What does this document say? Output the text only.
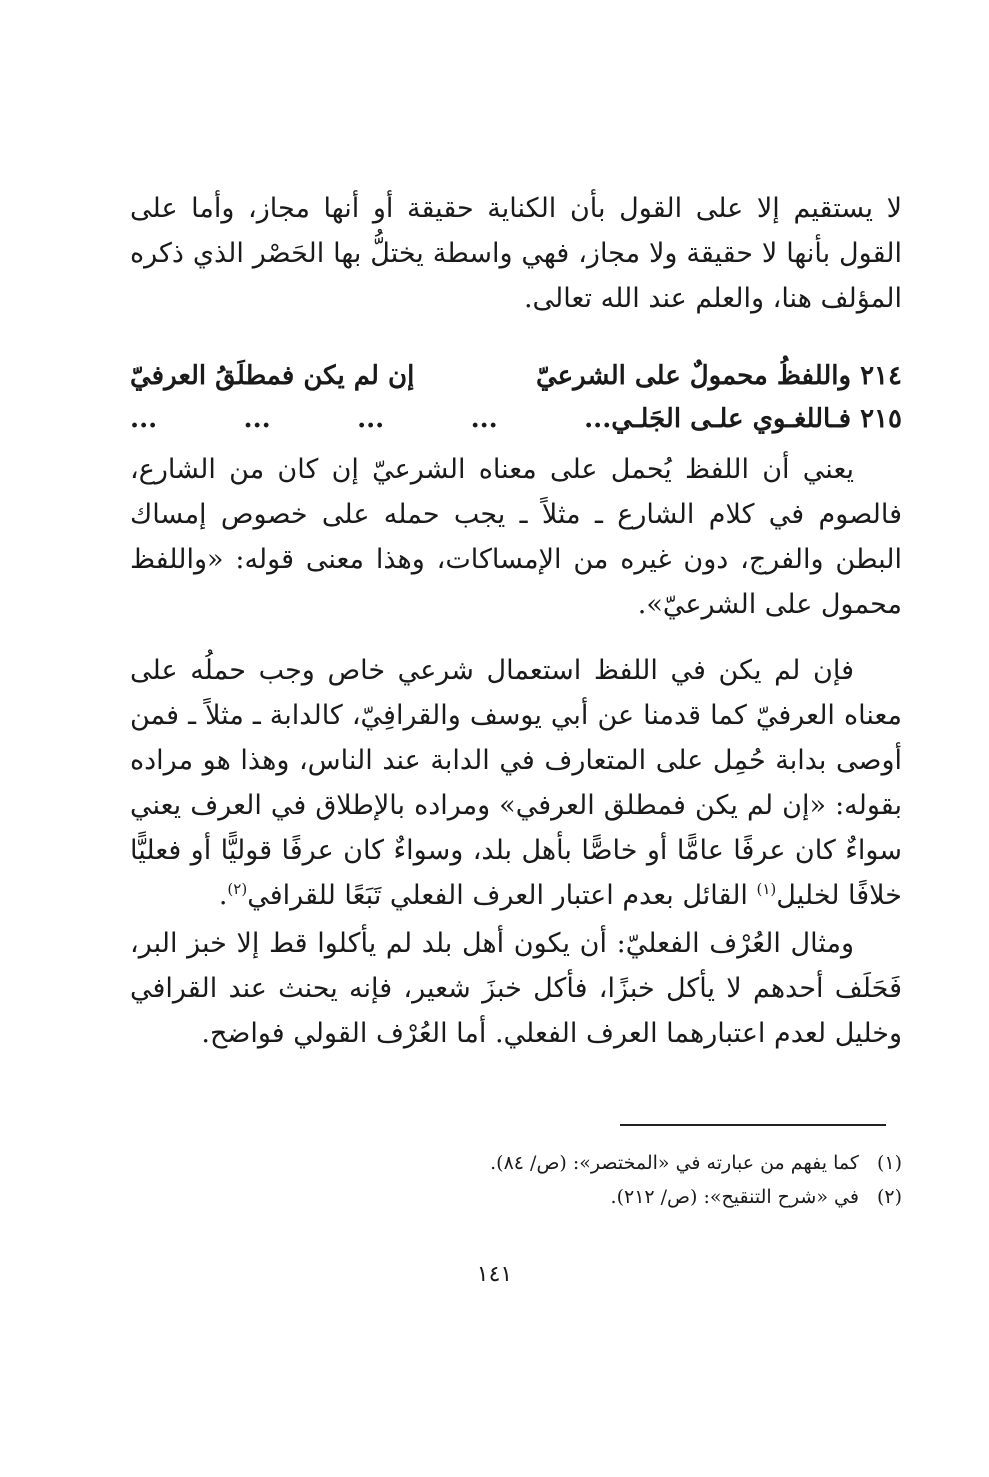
لا يستقيم إلا على القول بأن الكناية حقيقة أو أنها مجاز، وأما على القول بأنها لا حقيقة ولا مجاز، فهي واسطة يختلُّ بها الحَصْر الذي ذكره المؤلف هنا، والعلم عند الله تعالى.
٢١٤ واللفظُ محمولٌ على الشرعيّ
إن لم يكن فمطلَقُ العرفيّ
٢١٥ فـاللغـوي علـى الجَلـي...
...
...
...
...
يعني أن اللفظ يُحمل على معناه الشرعيّ إن كان من الشارع، فالصوم في كلام الشارع ـ مثلاً ـ يجب حمله على خصوص إمساك البطن والفرج، دون غيره من الإمساكات، وهذا معنى قوله: «واللفظ محمول على الشرعيّ».
فإن لم يكن في اللفظ استعمال شرعي خاص وجب حملُه على معناه العرفيّ كما قدمنا عن أبي يوسف والقرافِيّ، كالدابة ـ مثلاً ـ فمن أوصى بدابة حُمِل على المتعارف في الدابة عند الناس، وهذا هو مراده بقوله: «إن لم يكن فمطلق العرفي» ومراده بالإطلاق في العرف يعني سواءٌ كان عرفًا عامًّا أو خاصًّا بأهل بلد، وسواءٌ كان عرفًا قوليًّا أو فعليًّا خلافًا لخليل$^{(١)}$ القائل بعدم اعتبار العرف الفعلي تَبَعًا للقرافي$^{(٢)}$.
ومثال العُرْف الفعليّ: أن يكون أهل بلد لم يأكلوا قط إلا خبز البر، فَحَلَف أحدهم لا يأكل خبزًا، فأكل خبزَ شعير، فإنه يحنث عند القرافي وخليل لعدم اعتبارهما العرف الفعلي. أما العُرْف القولي فواضح.
(١)كما يفهم من عبارته في «المختصر»: (ص/ ٨٤).
(٢)في «شرح التنقيح»: (ص/ ٢١٢).
١٤١
